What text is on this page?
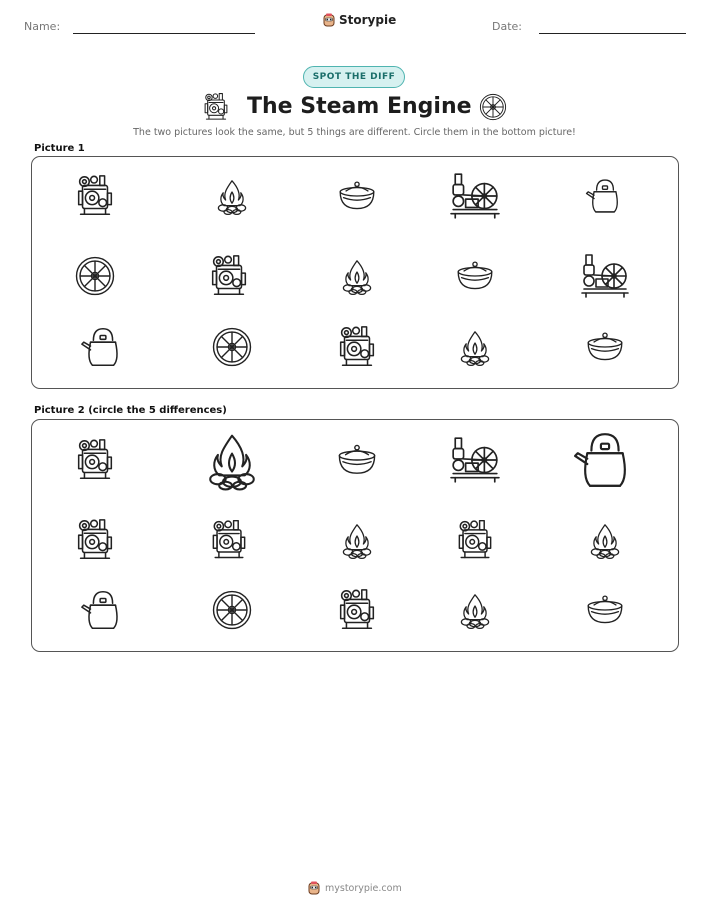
Name:	Storypie	Date:
SPOT THE DIFF
The Steam Engine
The two pictures look the same, but 5 things are different. Circle them in the bottom picture!
Picture 1
Picture 2 (circle the 5 differences)
mystorypie.com
